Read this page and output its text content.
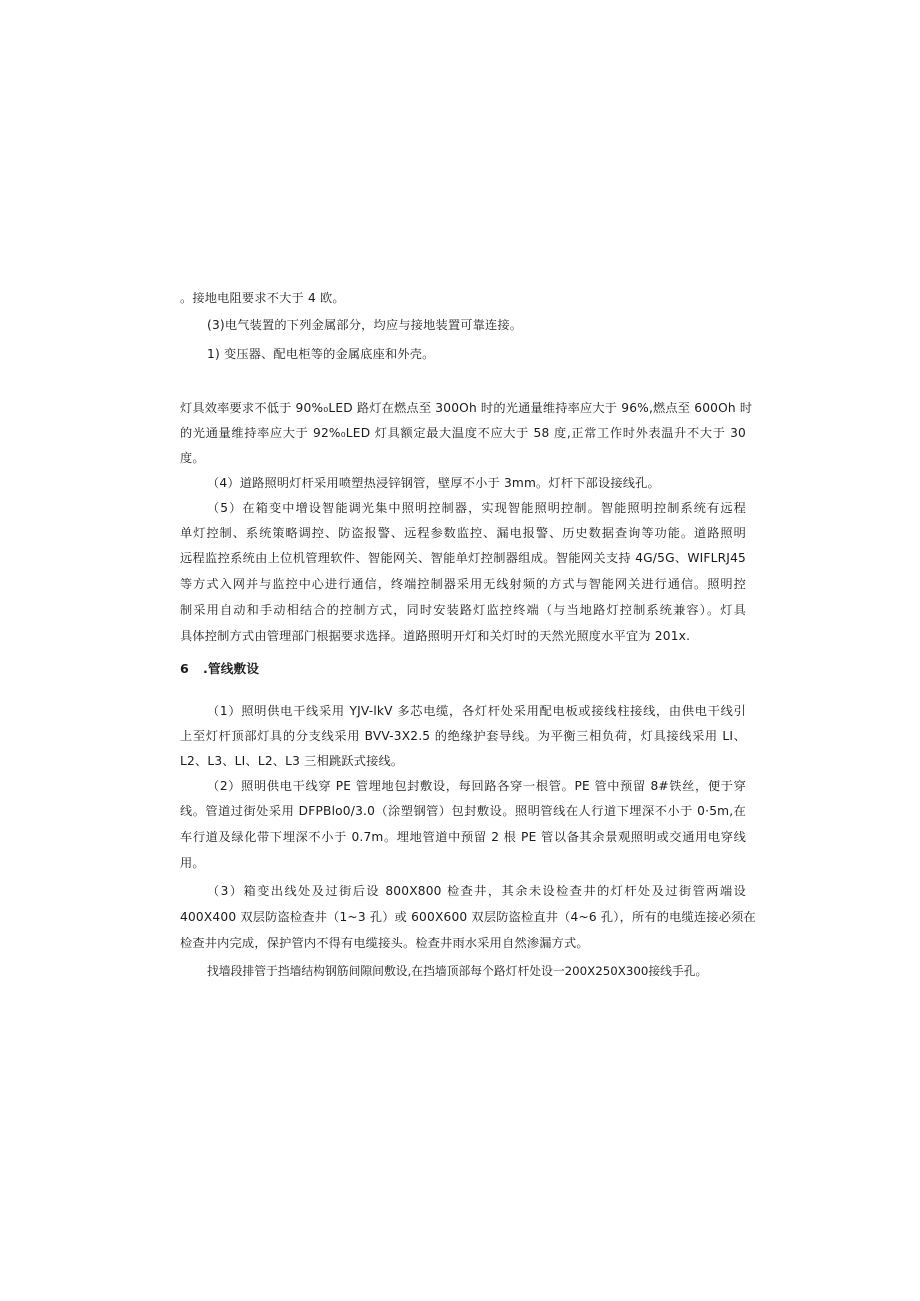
。接地电阻要求不大于 4 欧。
(3)电气装置的下列金属部分，均应与接地装置可靠连接。
1) 变压器、配电柜等的金属底座和外壳。
灯具效率要求不低于 90%₀LED 路灯在燃点至 300Oh 时的光通量维持率应大于 96%,燃点至 600Oh 时
的光通量维持率应大于 92%₀LED 灯具额定最大温度不应大于 58 度,正常工作时外表温升不大于 30
度。
（4）道路照明灯杆采用喷塑热浸锌钢管，壁厚不小于 3mm。灯杆下部设接线孔。
（5）在箱变中增设智能调光集中照明控制器，实现智能照明控制。智能照明控制系统有远程
单灯控制、系统策略调控、防盗报警、远程参数监控、漏电报警、历史数据查询等功能。道路照明
远程监控系统由上位机管理软件、智能网关、智能单灯控制器组成。智能网关支持 4G/5G、WIFLRJ45
等方式入网并与监控中心进行通信，终端控制器采用无线射频的方式与智能网关进行通信。照明控
制采用自动和手动相结合的控制方式，同时安装路灯监控终端（与当地路灯控制系统兼容）。灯具
具体控制方式由管理部门根据要求选择。道路照明开灯和关灯时的天然光照度水平宜为 201x.
6 .管线敷设
（1）照明供电干线采用 YJV-lkV 多芯电缆，各灯杆处采用配电板或接线柱接线，由供电干线引
上至灯杆顶部灯具的分支线采用 BVV-3X2.5 的绝缘护套导线。为平衡三相负荷，灯具接线采用 LI、
L2、L3、LI、L2、L3 三相跳跃式接线。
（2）照明供电干线穿 PE 管埋地包封敷设，每回路各穿一根管。PE 管中预留 8#铁丝，便于穿
线。管道过街处采用 DFPBlo0/3.0（涂塑钢管）包封敷设。照明管线在人行道下埋深不小于 0·5m,在
车行道及绿化带下埋深不小于 0.7m。埋地管道中预留 2 根 PE 管以备其余景观照明或交通用电穿线
用。
（3）箱变出线处及过街后设 800X800 检查井，其余未设检查井的灯杆处及过街管两端设
400X400 双层防盗检查井（1~3 孔）或 600X600 双层防盗检直井（4~6 孔），所有的电缆连接必须在
检查井内完成，保护管内不得有电缆接头。检查井雨水采用自然渗漏方式。
找墙段排管于挡墙结构钢筋间隙间敷设,在挡墙顶部每个路灯杆处设一200X250X300接线手孔。
